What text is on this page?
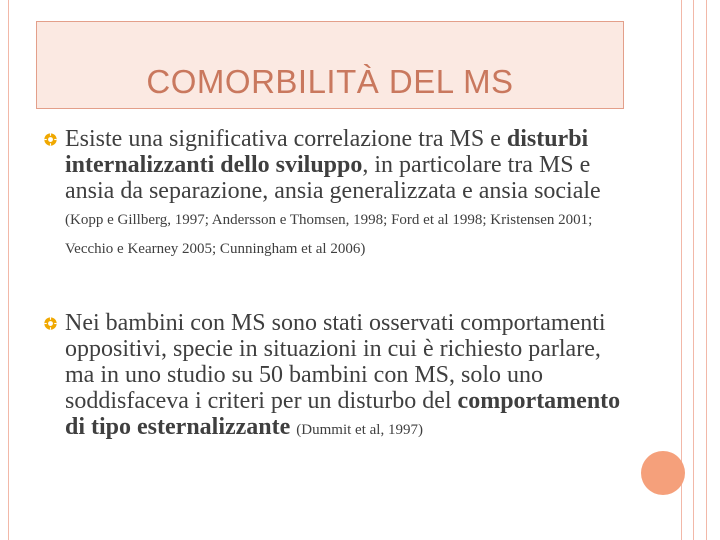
COMORBILITÀ DEL MS
Esiste una significativa correlazione tra MS e disturbi internalizzanti dello sviluppo, in particolare tra MS e ansia da separazione, ansia generalizzata e ansia sociale (Kopp e Gillberg, 1997; Andersson e Thomsen, 1998; Ford et al 1998; Kristensen 2001; Vecchio e Kearney 2005; Cunningham et al 2006)
Nei bambini con MS sono stati osservati comportamenti oppositivi, specie in situazioni in cui è richiesto parlare, ma in uno studio su 50 bambini con MS, solo uno soddisfaceva i criteri per un disturbo del comportamento di tipo esternalizzante (Dummit et al, 1997)
